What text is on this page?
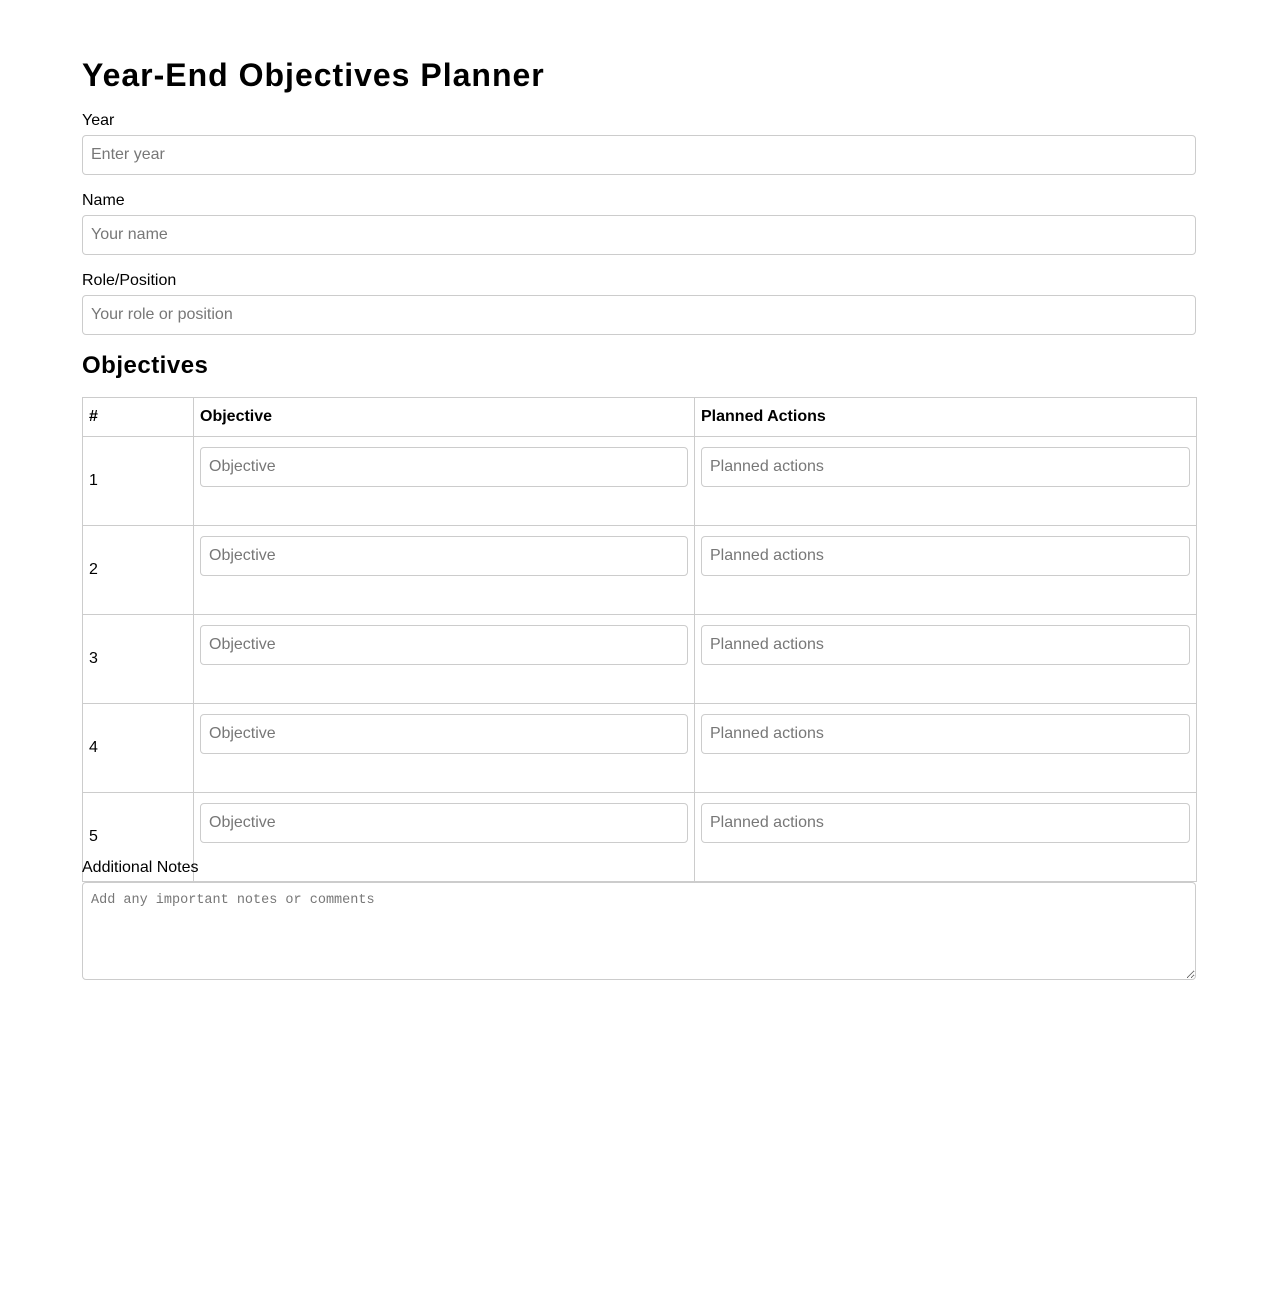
Year-End Objectives Planner
Year
Enter year
Name
Your name
Role/Position
Your role or position
Objectives
#	Objective	Planned Actions
1	Objective	Planned actions
2	Objective	Planned actions
3	Objective	Planned actions
4	Objective	Planned actions
5	Objective	Planned actions
Additional Notes
Add any important notes or comments
